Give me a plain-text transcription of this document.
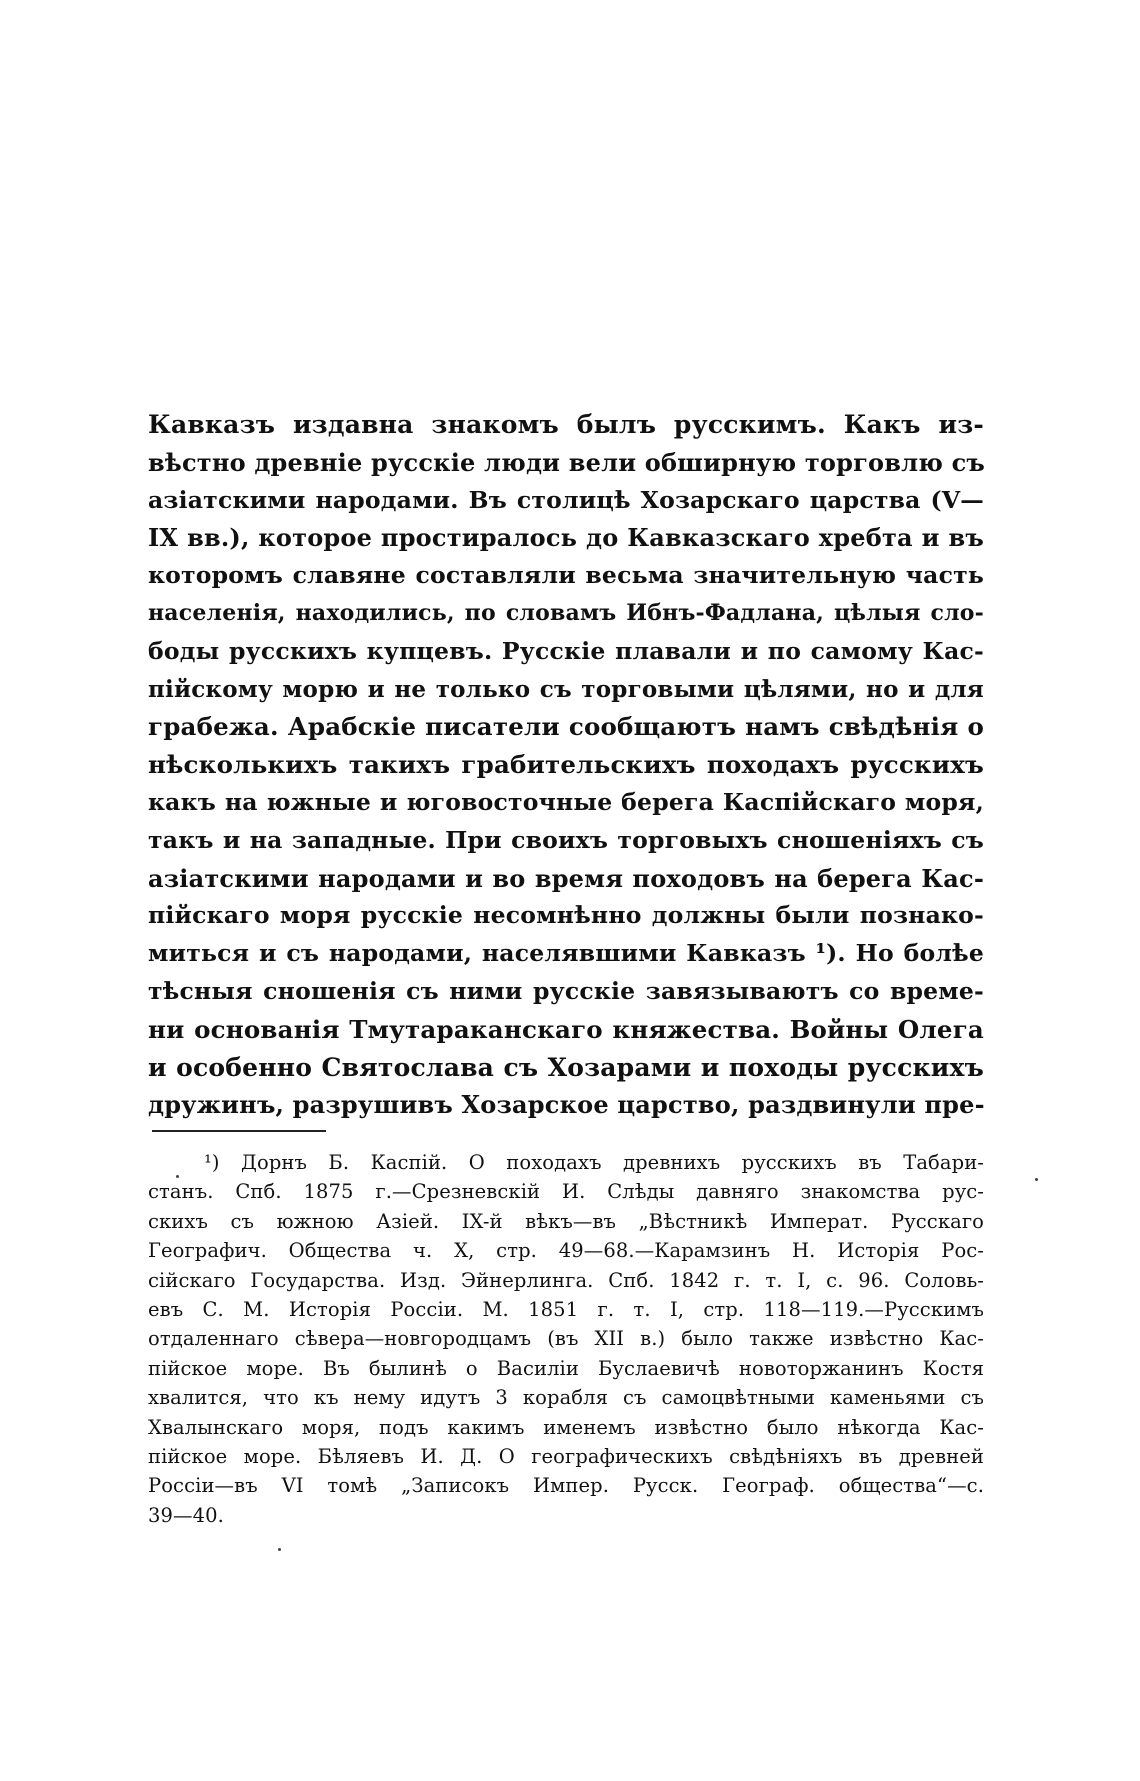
Кавказъ издавна знакомъ былъ русскимъ. Какъ из-
вѣстно древніе русскіе люди вели обширную торговлю съ
азіатскими народами. Въ столицѣ Хозарскаго царства (V—
IX вв.), которое простиралось до Кавказскаго хребта и въ
которомъ славяне составляли весьма значительную часть
населенія, находились, по словамъ Ибнъ-Фадлана, цѣлыя сло-
боды русскихъ купцевъ. Русскіе плавали и по самому Кас-
пійскому морю и не только съ торговыми цѣлями, но и для
грабежа. Арабскіе писатели сообщаютъ намъ свѣдѣнія о
нѣсколькихъ такихъ грабительскихъ походахъ русскихъ
какъ на южные и юговосточные берега Каспійскаго моря,
такъ и на западные. При своихъ торговыхъ сношеніяхъ съ
азіатскими народами и во время походовъ на берега Кас-
пійскаго моря русскіе несомнѣнно должны были познако-
миться и съ народами, населявшими Кавказъ ¹). Но болѣе
тѣсныя сношенія съ ними русскіе завязываютъ со време-
ни основанія Тмутараканскаго княжества. Войны Олега
и особенно Святослава съ Хозарами и походы русскихъ
дружинъ, разрушивъ Хозарское царство, раздвинули пре-
¹) Дорнъ Б. Каспій. О походахъ древнихъ русскихъ въ Табари-
станъ. Спб. 1875 г.—Срезневскій И. Слѣды давняго знакомства рус-
скихъ съ южною Азіей. IX-й вѣкъ—въ „Вѣстникѣ Императ. Русскаго
Географич. Общества ч. X, стр. 49—68.—Карамзинъ Н. Исторія Рос-
сійскаго Государства. Изд. Эйнерлинга. Спб. 1842 г. т. I, с. 96. Соловь-
евъ С. М. Исторія Россіи. М. 1851 г. т. I, стр. 118—119.—Русскимъ
отдаленнаго сѣвера—новгородцамъ (въ XII в.) было также извѣстно Кас-
пійское море. Въ былинѣ о Василіи Буслаевичѣ новоторжанинъ Костя
хвалится, что къ нему идутъ 3 корабля съ самоцвѣтными каменьями съ
Хвалынскаго моря, подъ какимъ именемъ извѣстно было нѣкогда Кас-
пійское море. Бѣляевъ И. Д. О географическихъ свѣдѣніяхъ въ древней
Россіи—въ VI томѣ „Записокъ Импер. Русск. Географ. общества“—с.
39—40.
